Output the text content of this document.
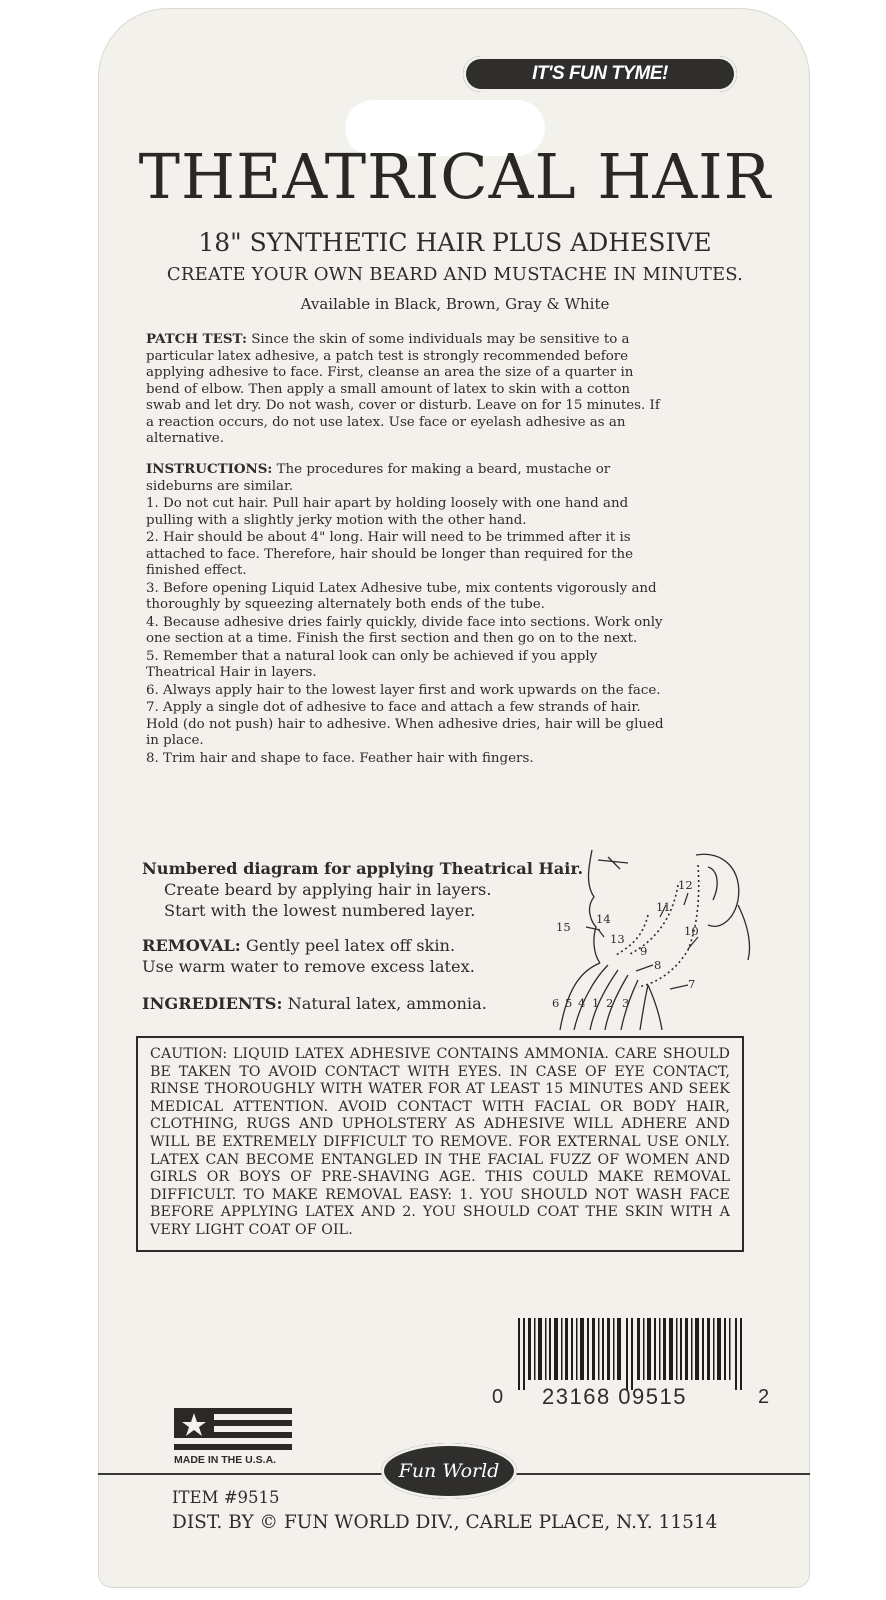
IT'S FUN TYME!
THEATRICAL HAIR

18" SYNTHETIC HAIR PLUS ADHESIVE

CREATE YOUR OWN BEARD AND MUSTACHE IN MINUTES.

Available in Black, Brown, Gray & White

PATCH TEST: Since the skin of some individuals may be sensitive to a particular latex adhesive, a patch test is strongly recommended before applying adhesive to face. First, cleanse an area the size of a quarter in bend of elbow. Then apply a small amount of latex to skin with a cotton swab and let dry. Do not wash, cover or disturb. Leave on for 15 minutes. If a reaction occurs, do not use latex. Use face or eyelash adhesive as an alternative.

INSTRUCTIONS: The procedures for making a beard, mustache or sideburns are similar.

1. Do not cut hair. Pull hair apart by holding loosely with one hand and pulling with a slightly jerky motion with the other hand.

2. Hair should be about 4" long. Hair will need to be trimmed after it is attached to face. Therefore, hair should be longer than required for the finished effect.

3. Before opening Liquid Latex Adhesive tube, mix contents vigorously and thoroughly by squeezing alternately both ends of the tube.

4. Because adhesive dries fairly quickly, divide face into sections. Work only one section at a time. Finish the first section and then go on to the next.

5. Remember that a natural look can only be achieved if you apply Theatrical Hair in layers.

6. Always apply hair to the lowest layer first and work upwards on the face.

7. Apply a single dot of adhesive to face and attach a few strands of hair. Hold (do not push) hair to adhesive. When adhesive dries, hair will be glued in place.

8. Trim hair and shape to face. Feather hair with fingers.

Numbered diagram for applying Theatrical Hair.
Create beard by applying hair in layers.
Start with the lowest numbered layer.
REMOVAL: Gently peel latex off skin.
Use warm water to remove excess latex.
INGREDIENTS: Natural latex, ammonia.	6 5 4 1 2 3
7
8
9
10
11
12
13
14
15
CAUTION: LIQUID LATEX ADHESIVE CONTAINS AMMONIA. CARE SHOULD BE TAKEN TO AVOID CONTACT WITH EYES. IN CASE OF EYE CONTACT, RINSE THOROUGHLY WITH WATER FOR AT LEAST 15 MINUTES AND SEEK MEDICAL ATTENTION. AVOID CONTACT WITH FACIAL OR BODY HAIR, CLOTHING, RUGS AND UPHOLSTERY AS ADHESIVE WILL ADHERE AND WILL BE EXTREMELY DIFFICULT TO REMOVE. FOR EXTERNAL USE ONLY. LATEX CAN BECOME ENTANGLED IN THE FACIAL FUZZ OF WOMEN AND GIRLS OR BOYS OF PRE-SHAVING AGE. THIS COULD MAKE REMOVAL DIFFICULT. TO MAKE REMOVAL EASY: 1. YOU SHOULD NOT WASH FACE BEFORE APPLYING LATEX AND 2. YOU SHOULD COAT THE SKIN WITH A VERY LIGHT COAT OF OIL.
0 23168 09515	2
MADE IN THE U.S.A.	Fun World
ITEM #9515
DIST. BY © FUN WORLD DIV., CARLE PLACE, N.Y. 11514
